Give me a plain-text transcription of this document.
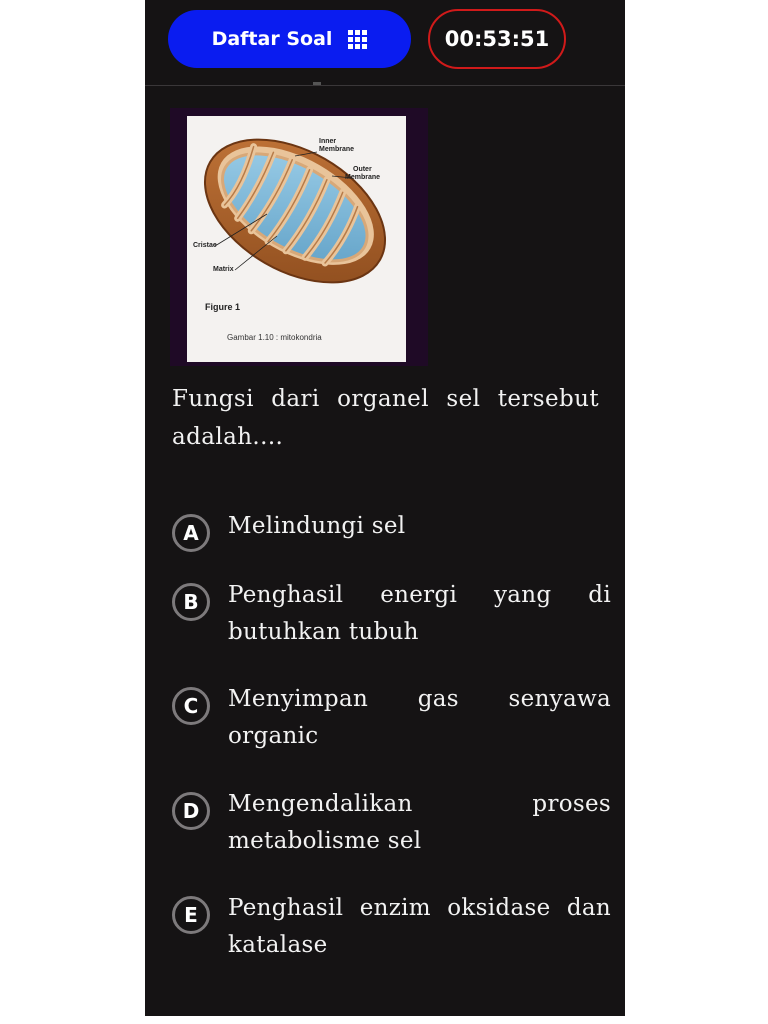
Daftar Soal	00:53:51
Inner
Membrane
Outer
Membrane
Cristae
Matrix
Figure 1
Gambar 1.10 : mitokondria
Fungsi dari organel sel tersebut adalah....
A	Melindungi sel
B	Penghasil energi yang di butuhkan tubuh
C	Menyimpan gas senyawa organic
D	Mengendalikan proses metabolisme sel
E	Penghasil enzim oksidase dan katalase
